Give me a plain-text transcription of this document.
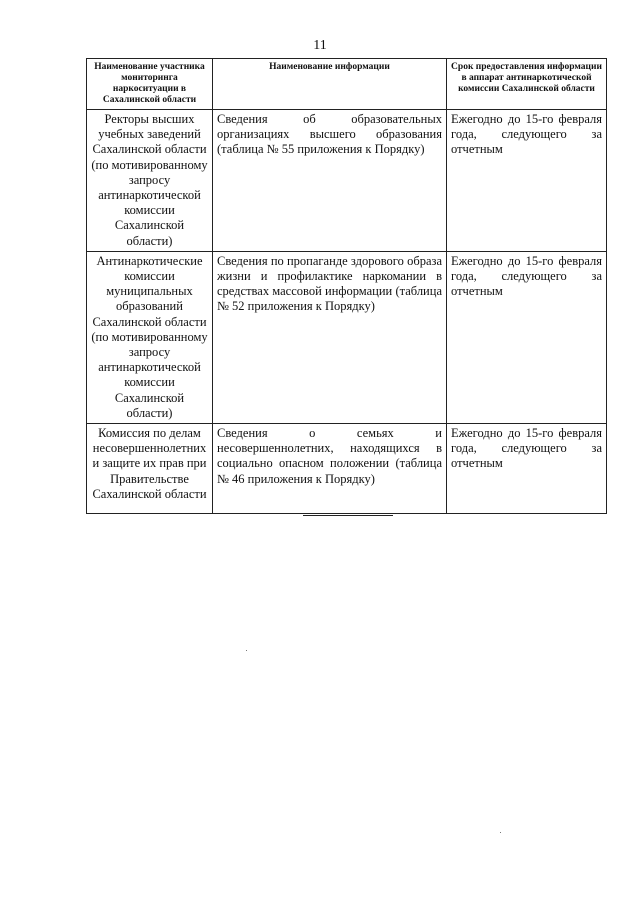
11
Наименование участника мониторинга наркоситуации в Сахалинской области	Наименование информации	Срок предоставления информации в аппарат антинаркотической комиссии Сахалинской области
Ректоры высших учебных заведений Сахалинской области (по мотивированному запросу антинаркотической комиссии Сахалинской области)	Сведения об образовательных организациях высшего образования (таблица № 55 приложения к Порядку)	Ежегодно до 15-го февраля года, следующего за отчетным
Антинаркотические комиссии муниципальных образований Сахалинской области (по мотивированному запросу антинаркотической комиссии Сахалинской области)	Сведения по пропаганде здорового образа жизни и профилактике наркомании в средствах массовой информации (таблица № 52 приложения к Порядку)	Ежегодно до 15-го февраля года, следующего за отчетным
Комиссия по делам несовершеннолетних и защите их прав при Правительстве Сахалинской области	Сведения о семьях и несовершеннолетних, находящихся в социально опасном положении (таблица № 46 приложения к Порядку)	Ежегодно до 15-го февраля года, следующего за отчетным
